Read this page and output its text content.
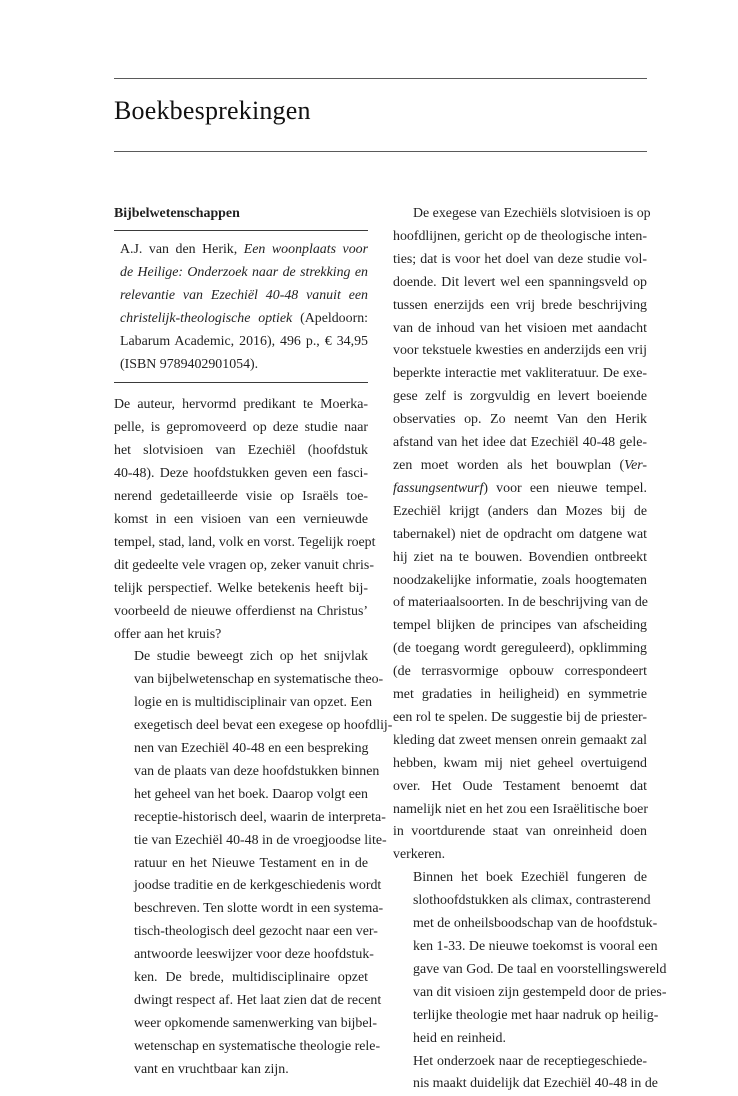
Boekbesprekingen
Bijbelwetenschappen
A.J. van den Herik, Een woonplaats voor
de Heilige: Onderzoek naar de strekking en
relevantie van Ezechiël 40-48 vanuit een
christelijk-theologische optiek (Apeldoorn:
Labarum Academic, 2016), 496 p., € 34,95
(ISBN 9789402901054).

De auteur, hervormd predikant te Moerka-
pelle, is gepromoveerd op deze studie naar
het slotvisioen van Ezechiël (hoofdstuk
40-48). Deze hoofdstukken geven een fasci-
nerend gedetailleerde visie op Israëls toe-
komst in een visioen van een vernieuwde
tempel, stad, land, volk en vorst. Tegelijk roept
dit gedeelte vele vragen op, zeker vanuit chris-
telijk perspectief. Welke betekenis heeft bij-
voorbeeld de nieuwe offerdienst na Christus’
offer aan het kruis?

De studie beweegt zich op het snijvlak
van bijbelwetenschap en systematische theo-
logie en is multidisciplinair van opzet. Een
exegetisch deel bevat een exegese op hoofdlij-
nen van Ezechiël 40-48 en een bespreking
van de plaats van deze hoofdstukken binnen
het geheel van het boek. Daarop volgt een
receptie-historisch deel, waarin de interpreta-
tie van Ezechiël 40-48 in de vroegjoodse lite-
ratuur en het Nieuwe Testament en in de
joodse traditie en de kerkgeschiedenis wordt
beschreven. Ten slotte wordt in een systema-
tisch-theologisch deel gezocht naar een ver-
antwoorde leeswijzer voor deze hoofdstuk-
ken. De brede, multidisciplinaire opzet
dwingt respect af. Het laat zien dat de recent
weer opkomende samenwerking van bijbel-
wetenschap en systematische theologie rele-
vant en vruchtbaar kan zijn.

De exegese van Ezechiëls slotvisioen is op
hoofdlijnen, gericht op de theologische inten-
ties; dat is voor het doel van deze studie vol-
doende. Dit levert wel een spanningsveld op
tussen enerzijds een vrij brede beschrijving
van de inhoud van het visioen met aandacht
voor tekstuele kwesties en anderzijds een vrij
beperkte interactie met vakliteratuur. De exe-
gese zelf is zorgvuldig en levert boeiende
observaties op. Zo neemt Van den Herik
afstand van het idee dat Ezechiël 40-48 gele-
zen moet worden als het bouwplan (Ver-
fassungsentwurf) voor een nieuwe tempel.
Ezechiël krijgt (anders dan Mozes bij de
tabernakel) niet de opdracht om datgene wat
hij ziet na te bouwen. Bovendien ontbreekt
noodzakelijke informatie, zoals hoogtematen
of materiaalsoorten. In de beschrijving van de
tempel blijken de principes van afscheiding
(de toegang wordt gereguleerd), opklimming
(de terrasvormige opbouw correspondeert
met gradaties in heiligheid) en symmetrie
een rol te spelen. De suggestie bij de priester-
kleding dat zweet mensen onrein gemaakt zal
hebben, kwam mij niet geheel overtuigend
over. Het Oude Testament benoemt dat
namelijk niet en het zou een Israëlitische boer
in voortdurende staat van onreinheid doen
verkeren.

Binnen het boek Ezechiël fungeren de
slothoofdstukken als climax, contrasterend
met de onheilsboodschap van de hoofdstuk-
ken 1-33. De nieuwe toekomst is vooral een
gave van God. De taal en voorstellingswereld
van dit visioen zijn gestempeld door de pries-
terlijke theologie met haar nadruk op heilig-
heid en reinheid.

Het onderzoek naar de receptiegeschiede-
nis maakt duidelijk dat Ezechiël 40-48 in de
